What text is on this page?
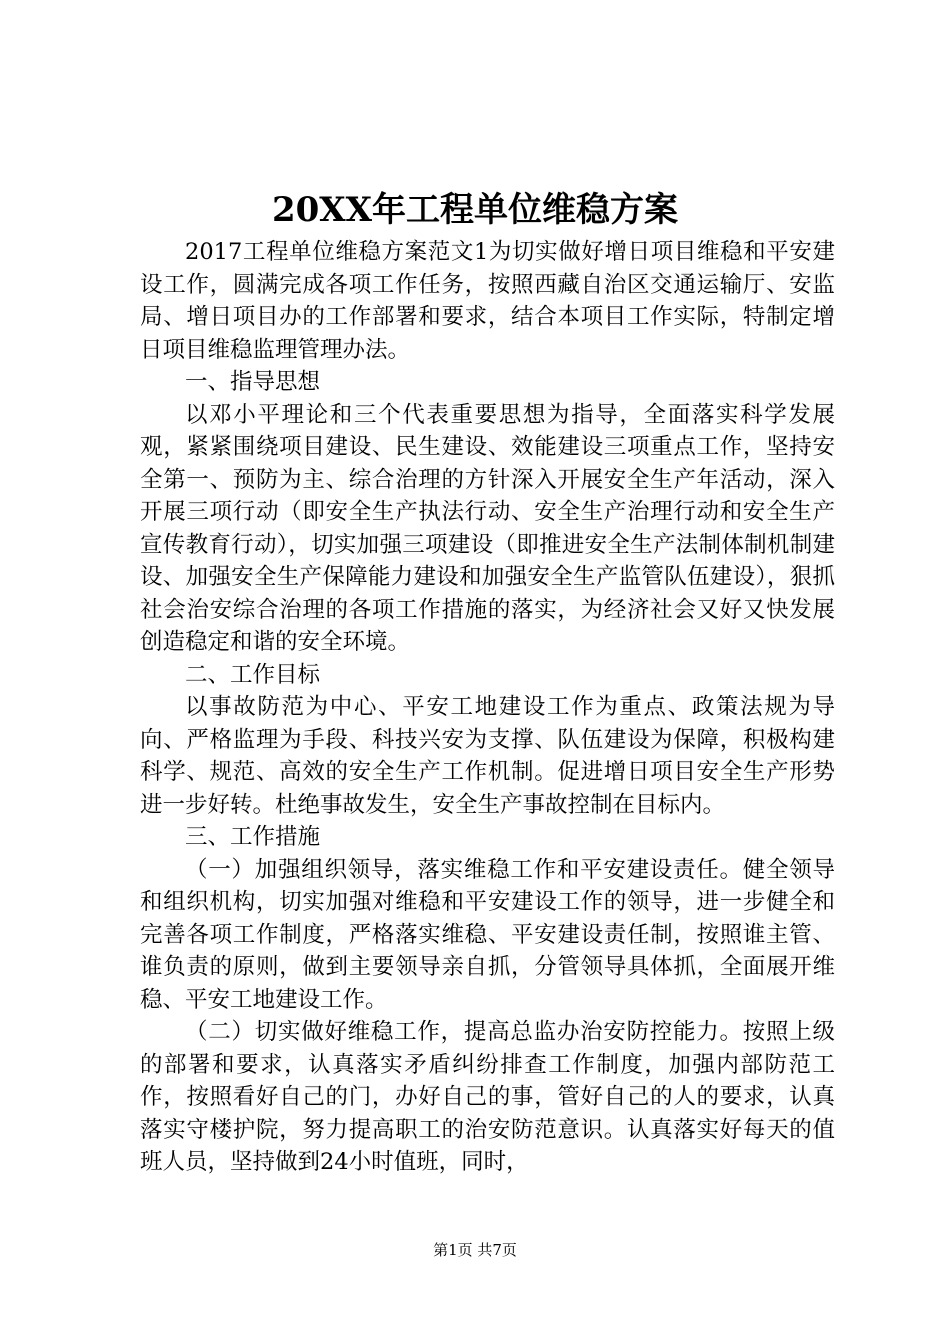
20XX年工程单位维稳方案

2017工程单位维稳方案范文1为切实做好增日项目维稳和平安建设工作，圆满完成各项工作任务，按照西藏自治区交通运输厅、安监局、增日项目办的工作部署和要求，结合本项目工作实际，特制定增日项目维稳监理管理办法。

一、指导思想

以邓小平理论和三个代表重要思想为指导，全面落实科学发展观，紧紧围绕项目建设、民生建设、效能建设三项重点工作，坚持安全第一、预防为主、综合治理的方针深入开展安全生产年活动，深入开展三项行动（即安全生产执法行动、安全生产治理行动和安全生产宣传教育行动），切实加强三项建设（即推进安全生产法制体制机制建设、加强安全生产保障能力建设和加强安全生产监管队伍建设），狠抓社会治安综合治理的各项工作措施的落实，为经济社会又好又快发展创造稳定和谐的安全环境。

二、工作目标

以事故防范为中心、平安工地建设工作为重点、政策法规为导向、严格监理为手段、科技兴安为支撑、队伍建设为保障，积极构建科学、规范、高效的安全生产工作机制。促进增日项目安全生产形势进一步好转。杜绝事故发生，安全生产事故控制在目标内。

三、工作措施

（一）加强组织领导，落实维稳工作和平安建设责任。健全领导和组织机构，切实加强对维稳和平安建设工作的领导，进一步健全和完善各项工作制度，严格落实维稳、平安建设责任制，按照谁主管、谁负责的原则，做到主要领导亲自抓，分管领导具体抓，全面展开维稳、平安工地建设工作。

（二）切实做好维稳工作，提高总监办治安防控能力。按照上级的部署和要求，认真落实矛盾纠纷排查工作制度，加强内部防范工作，按照看好自己的门，办好自己的事，管好自己的人的要求，认真落实守楼护院，努力提高职工的治安防范意识。认真落实好每天的值班人员，坚持做到24小时值班，同时，

第1页 共7页
